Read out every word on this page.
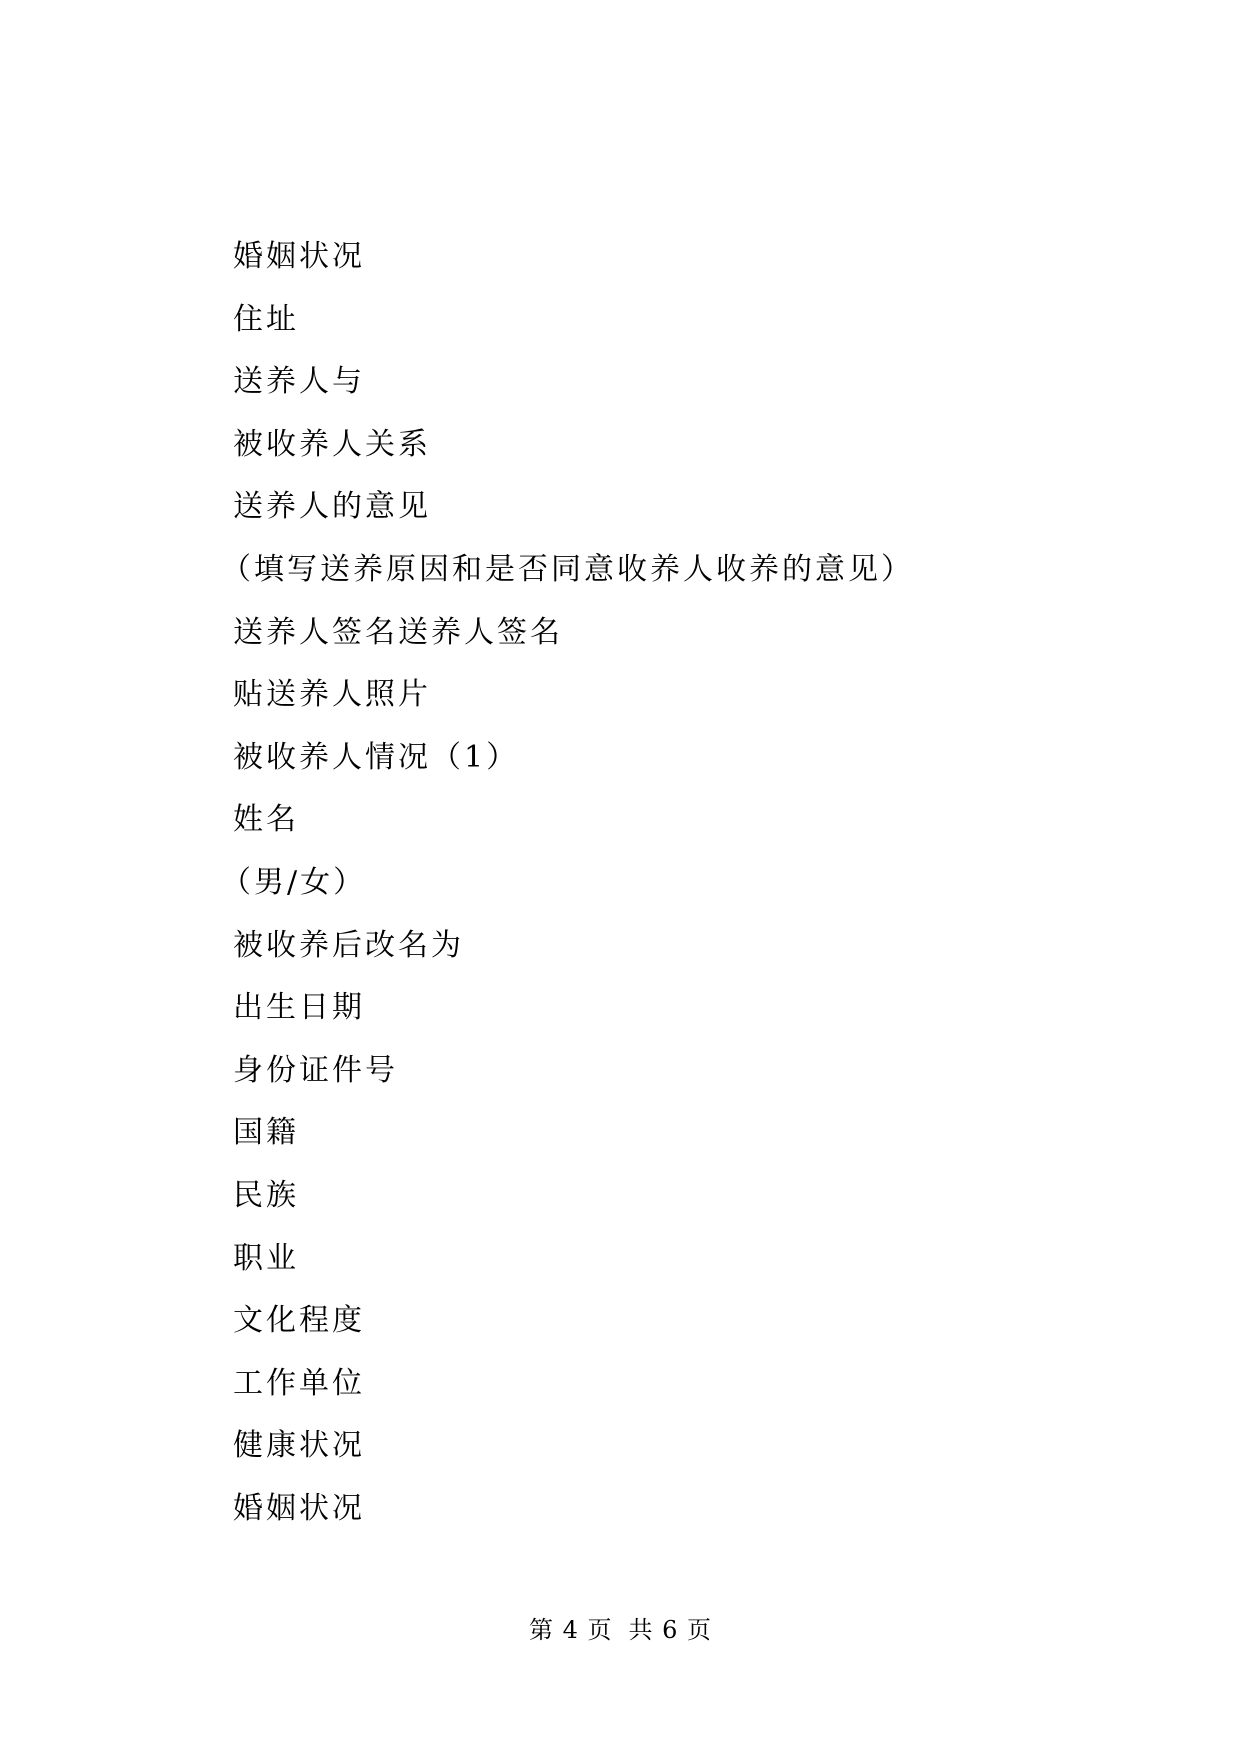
婚姻状况
住址
送养人与
被收养人关系
送养人的意见
（填写送养原因和是否同意收养人收养的意见）
送养人签名送养人签名
贴送养人照片
被收养人情况（1）
姓名
（男/女）
被收养后改名为
出生日期
身份证件号
国籍
民族
职业
文化程度
工作单位
健康状况
婚姻状况
第 4 页 共 6 页
